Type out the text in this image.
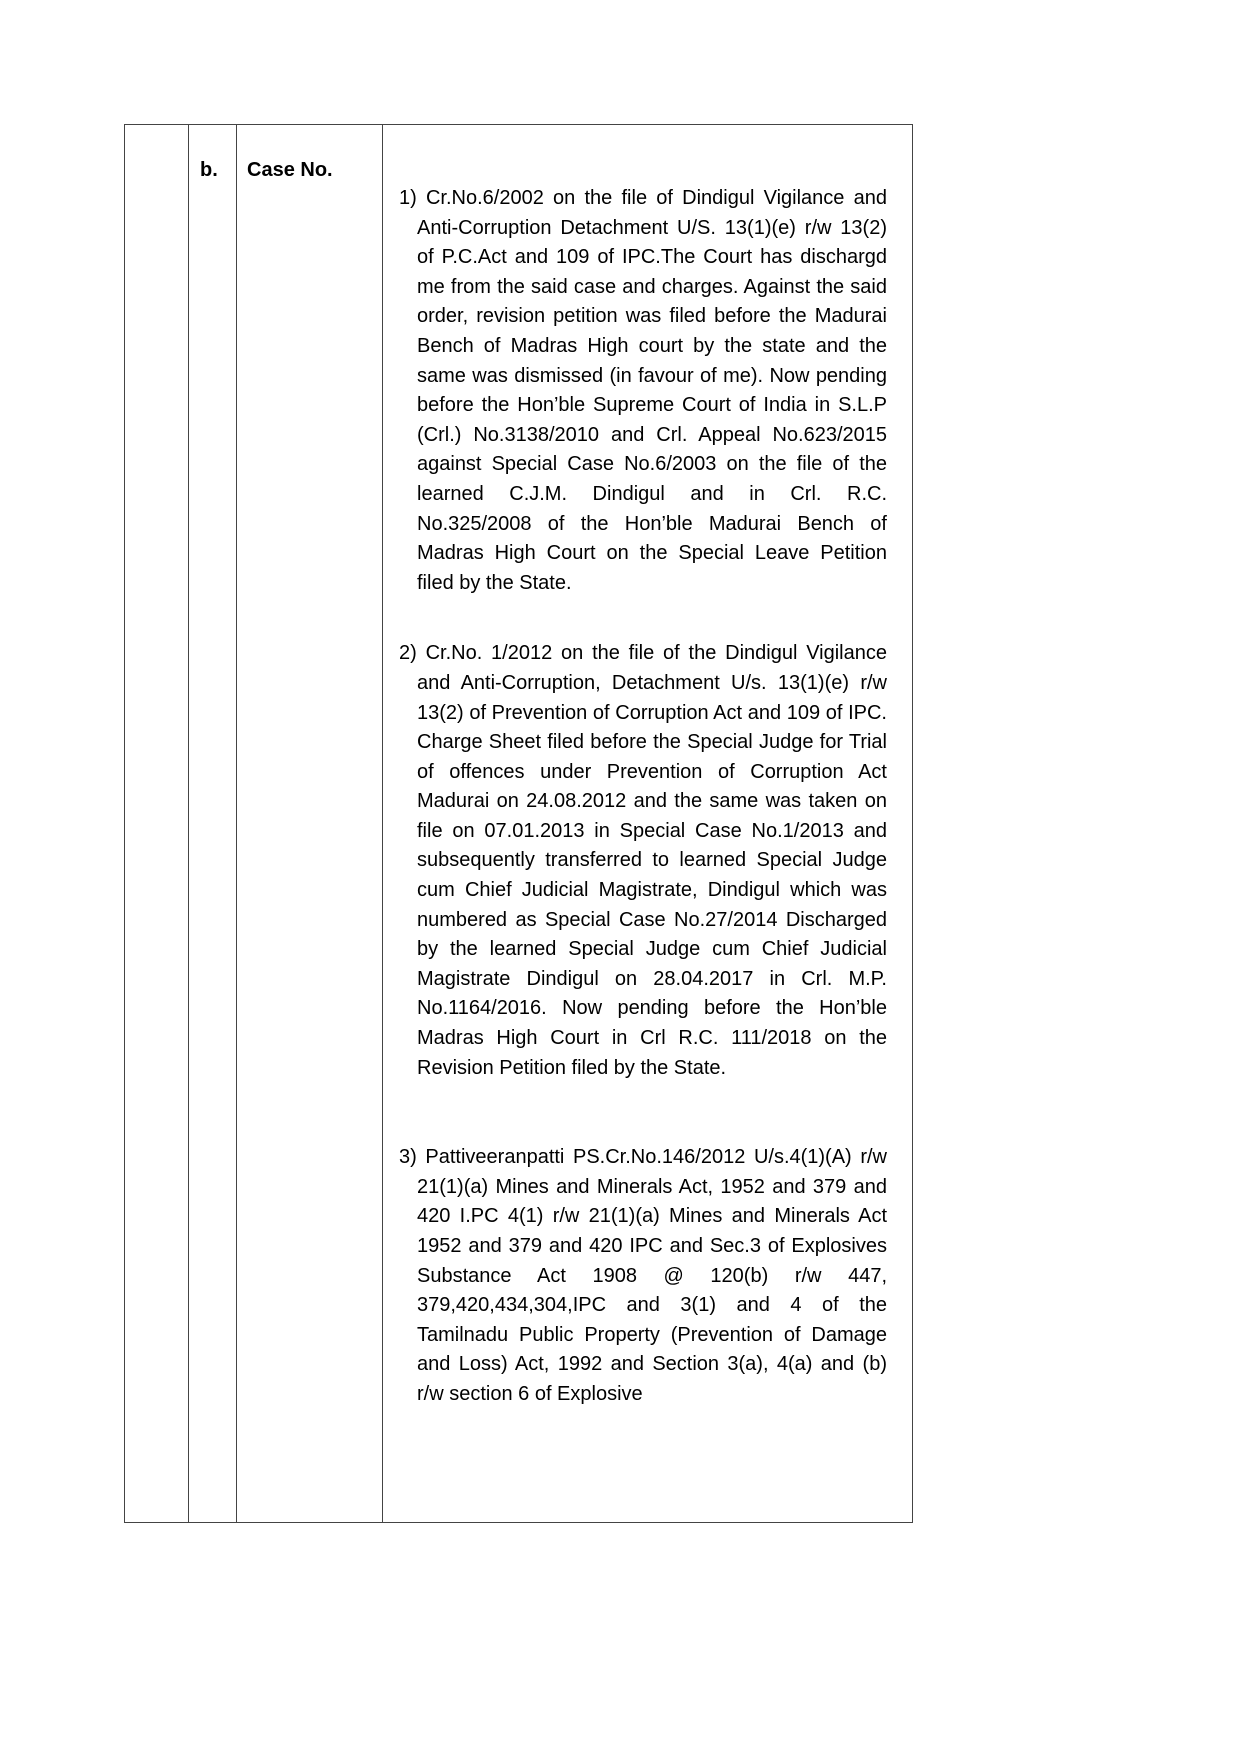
b. Case No.

1) Cr.No.6/2002 on the file of Dindigul Vigilance and Anti-Corruption Detachment U/S. 13(1)(e) r/w 13(2) of P.C.Act and 109 of IPC.The Court has dischargd me from the said case and charges. Against the said order, revision petition was filed before the Madurai Bench of Madras High court by the state and the same was dismissed (in favour of me). Now pending before the Hon’ble Supreme Court of India in S.L.P (Crl.) No.3138/2010 and Crl. Appeal No.623/2015 against Special Case No.6/2003 on the file of the learned C.J.M. Dindigul and in Crl. R.C. No.325/2008 of the Hon’ble Madurai Bench of Madras High Court on the Special Leave Petition filed by the State.

2) Cr.No. 1/2012 on the file of the Dindigul Vigilance and Anti-Corruption, Detachment U/s. 13(1)(e) r/w 13(2) of Prevention of Corruption Act and 109 of IPC. Charge Sheet filed before the Special Judge for Trial of offences under Prevention of Corruption Act Madurai on 24.08.2012 and the same was taken on file on 07.01.2013 in Special Case No.1/2013 and subsequently transferred to learned Special Judge cum Chief Judicial Magistrate, Dindigul which was numbered as Special Case No.27/2014 Discharged by the learned Special Judge cum Chief Judicial Magistrate Dindigul on 28.04.2017 in Crl. M.P. No.1164/2016. Now pending before the Hon’ble Madras High Court in Crl R.C. 111/2018 on the Revision Petition filed by the State.

3) Pattiveeranpatti PS.Cr.No.146/2012 U/s.4(1)(A) r/w 21(1)(a) Mines and Minerals Act, 1952 and 379 and 420 I.PC 4(1) r/w 21(1)(a) Mines and Minerals Act 1952 and 379 and 420 IPC and Sec.3 of Explosives Substance Act 1908 @ 120(b) r/w 447, 379,420,434,304,IPC and 3(1) and 4 of the Tamilnadu Public Property (Prevention of Damage and Loss) Act, 1992 and Section 3(a), 4(a) and (b) r/w section 6 of Explosive
